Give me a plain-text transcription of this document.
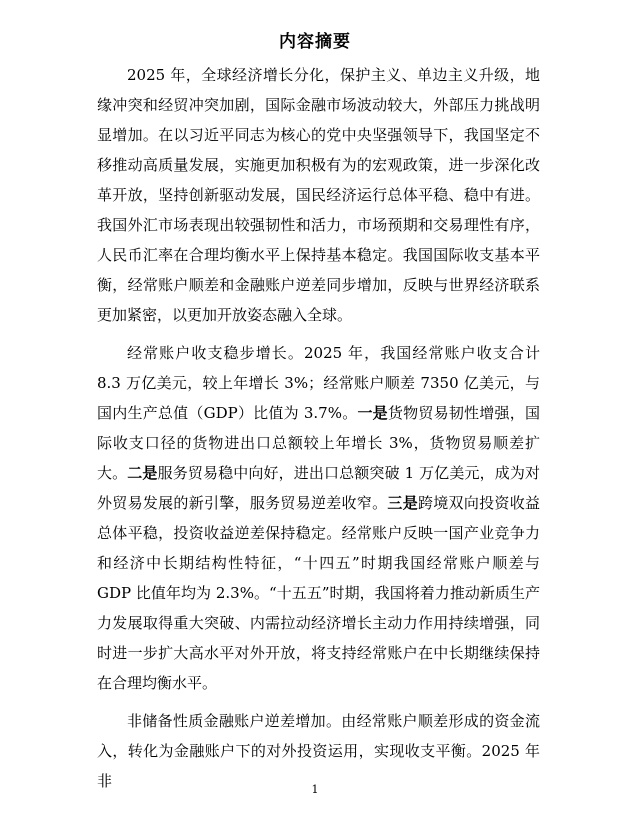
内容摘要

2025 年，全球经济增长分化，保护主义、单边主义升级，地缘冲突和经贸冲突加剧，国际金融市场波动较大，外部压力挑战明显增加。在以习近平同志为核心的党中央坚强领导下，我国坚定不移推动高质量发展，实施更加积极有为的宏观政策，进一步深化改革开放，坚持创新驱动发展，国民经济运行总体平稳、稳中有进。我国外汇市场表现出较强韧性和活力，市场预期和交易理性有序，人民币汇率在合理均衡水平上保持基本稳定。我国国际收支基本平衡，经常账户顺差和金融账户逆差同步增加，反映与世界经济联系更加紧密，以更加开放姿态融入全球。

经常账户收支稳步增长。2025 年，我国经常账户收支合计 8.3 万亿美元，较上年增长 3%；经常账户顺差 7350 亿美元，与国内生产总值（GDP）比值为 3.7%。一是货物贸易韧性增强，国际收支口径的货物进出口总额较上年增长 3%，货物贸易顺差扩大。二是服务贸易稳中向好，进出口总额突破 1 万亿美元，成为对外贸易发展的新引擎，服务贸易逆差收窄。三是跨境双向投资收益总体平稳，投资收益逆差保持稳定。经常账户反映一国产业竞争力和经济中长期结构性特征，“十四五”时期我国经常账户顺差与 GDP 比值年均为 2.3%。“十五五”时期，我国将着力推动新质生产力发展取得重大突破、内需拉动经济增长主动力作用持续增强，同时进一步扩大高水平对外开放，将支持经常账户在中长期继续保持在合理均衡水平。

非储备性质金融账户逆差增加。由经常账户顺差形成的资金流入，转化为金融账户下的对外投资运用，实现收支平衡。2025 年非	1
